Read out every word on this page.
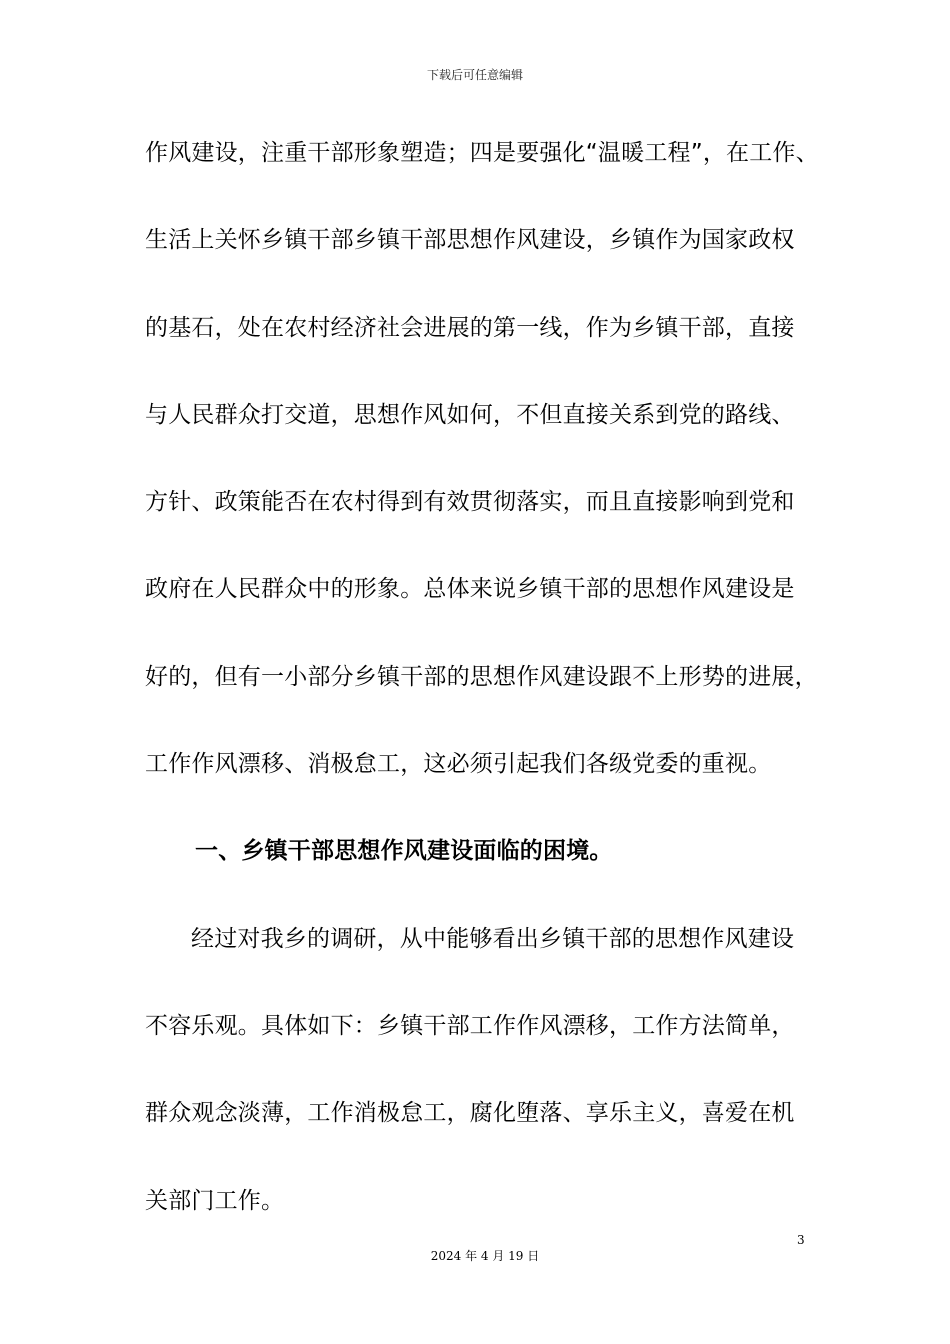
下载后可任意编辑
作风建设，注重干部形象塑造；四是要强化“温暖工程”，在工作、
生活上关怀乡镇干部乡镇干部思想作风建设，乡镇作为国家政权
的基石，处在农村经济社会进展的第一线，作为乡镇干部，直接
与人民群众打交道，思想作风如何，不但直接关系到党的路线、
方针、政策能否在农村得到有效贯彻落实，而且直接影响到党和
政府在人民群众中的形象。总体来说乡镇干部的思想作风建设是
好的，但有一小部分乡镇干部的思想作风建设跟不上形势的进展，
工作作风漂移、消极怠工，这必须引起我们各级党委的重视。
一、乡镇干部思想作风建设面临的困境。
经过对我乡的调研，从中能够看出乡镇干部的思想作风建设
不容乐观。具体如下：乡镇干部工作作风漂移，工作方法简单，
群众观念淡薄，工作消极怠工，腐化堕落、享乐主义，喜爱在机
关部门工作。
3
2024 年 4 月 19 日
